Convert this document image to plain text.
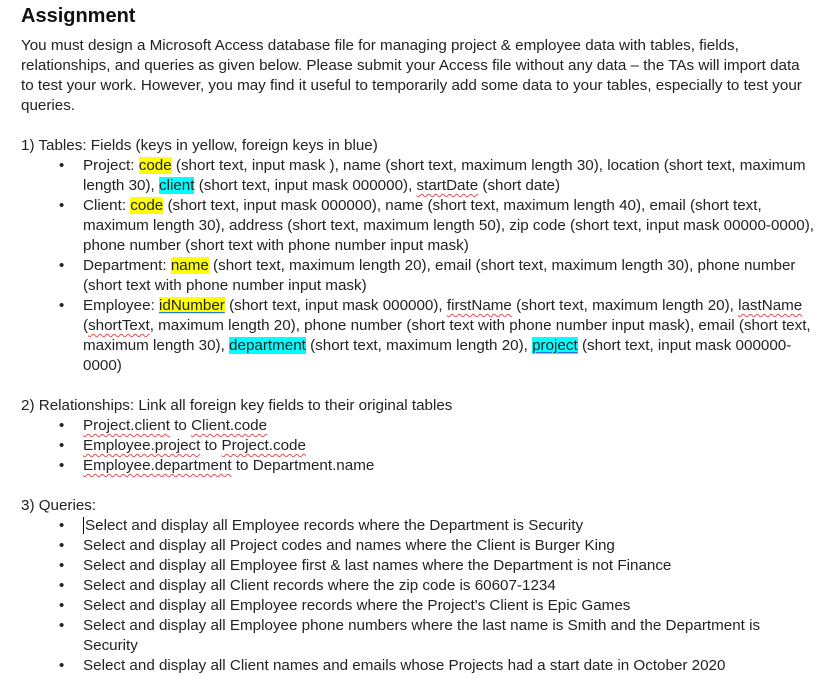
Assignment

You must design a Microsoft Access database file for managing project & employee data with tables, fields, relationships, and queries as given below. Please submit your Access file without any data – the TAs will import data to test your work. However, you may find it useful to temporarily add some data to your tables, especially to test your queries.

1) Tables: Fields (keys in yellow, foreign keys in blue)

• Project: code (short text, input mask ), name (short text, maximum length 30), location (short text, maximum length 30), client (short text, input mask 000000), startDate (short date)
• Client: code (short text, input mask 000000), name (short text, maximum length 40), email (short text, maximum length 30), address (short text, maximum length 50), zip code (short text, input mask 00000-0000), phone number (short text with phone number input mask)
• Department: name (short text, maximum length 20), email (short text, maximum length 30), phone number (short text with phone number input mask)
• Employee: idNumber (short text, input mask 000000), firstName (short text, maximum length 20), lastName (shortText, maximum length 20), phone number (short text with phone number input mask), email (short text, maximum length 30), department (short text, maximum length 20), project (short text, input mask 000000-0000)

2) Relationships: Link all foreign key fields to their original tables

• Project.client to Client.code
• Employee.project to Project.code
• Employee.department to Department.name

3) Queries:

• Select and display all Employee records where the Department is Security
• Select and display all Project codes and names where the Client is Burger King
• Select and display all Employee first & last names where the Department is not Finance
• Select and display all Client records where the zip code is 60607-1234
• Select and display all Employee records where the Project's Client is Epic Games
• Select and display all Employee phone numbers where the last name is Smith and the Department is Security
• Select and display all Client names and emails whose Projects had a start date in October 2020
